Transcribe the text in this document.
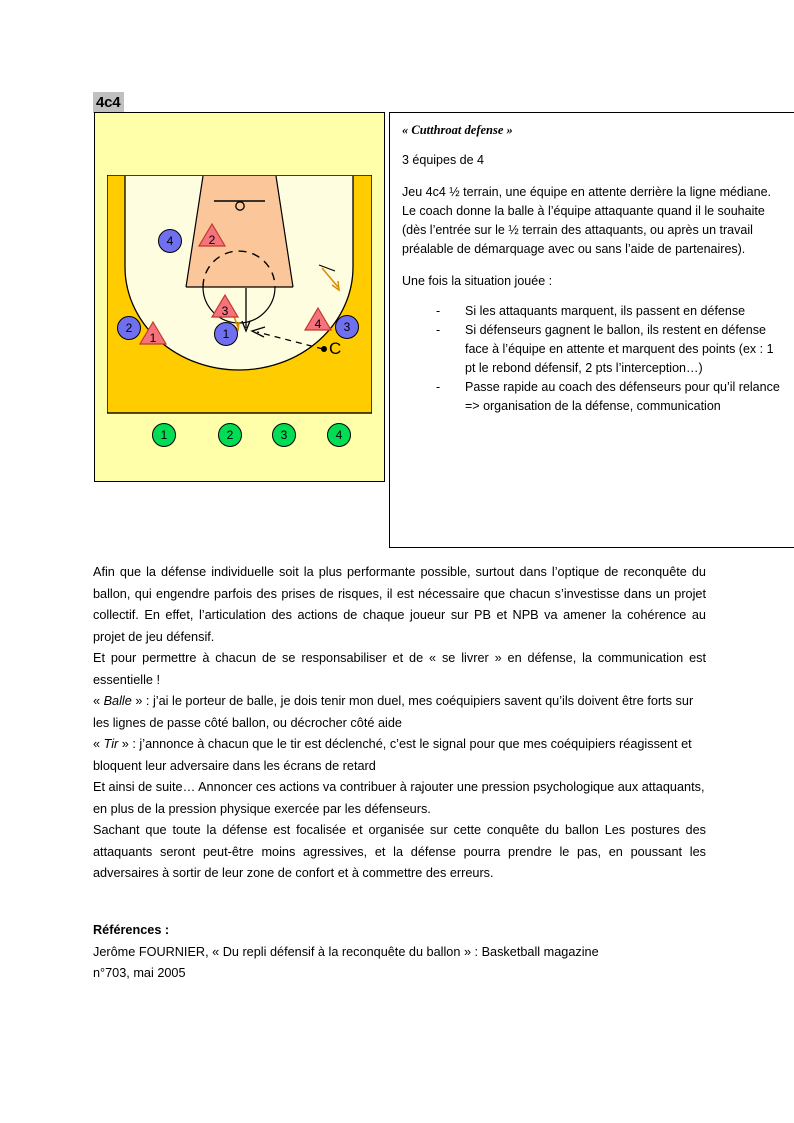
4c4
4
2	3
1
2
1
4
3
C
1	2	3	4

« Cutthroat defense »

3 équipes de 4

Jeu 4c4 ½ terrain, une équipe en attente derrière la ligne médiane. Le coach donne la balle à l’équipe attaquante quand il le souhaite (dès l’entrée sur le ½ terrain des attaquants, ou après un travail préalable de démarquage avec ou sans l’aide de partenaires).

Une fois la situation jouée :

- Si les attaquants marquent, ils passent en défense
- Si défenseurs gagnent le ballon, ils restent en défense face à l’équipe en attente et marquent des points (ex : 1 pt le rebond défensif, 2 pts l’interception…)
- Passe rapide au coach des défenseurs pour qu’il relance => organisation de la défense, communication

Afin que la défense individuelle soit la plus performante possible, surtout dans l’optique de reconquête du ballon, qui engendre parfois des prises de risques, il est nécessaire que chacun s’investisse dans un projet collectif. En effet, l’articulation des actions de chaque joueur sur PB et NPB va amener la cohérence au projet de jeu défensif.

Et pour permettre à chacun de se responsabiliser et de « se livrer » en défense, la communication est essentielle !

« Balle » : j’ai le porteur de balle, je dois tenir mon duel, mes coéquipiers savent qu’ils doivent être forts sur les lignes de passe côté ballon, ou décrocher côté aide

« Tir » : j’annonce à chacun que le tir est déclenché, c’est le signal pour que mes coéquipiers réagissent et bloquent leur adversaire dans les écrans de retard

Et ainsi de suite… Annoncer ces actions va contribuer à rajouter une pression psychologique aux attaquants, en plus de la pression physique exercée par les défenseurs.

Sachant que toute la défense est focalisée et organisée sur cette conquête du ballon Les postures des attaquants seront peut-être moins agressives, et la défense pourra prendre le pas, en poussant les adversaires à sortir de leur zone de confort et à commettre des erreurs.

Références :

Jerôme FOURNIER, « Du repli défensif à la reconquête du ballon » : Basketball magazine

n°703, mai 2005
